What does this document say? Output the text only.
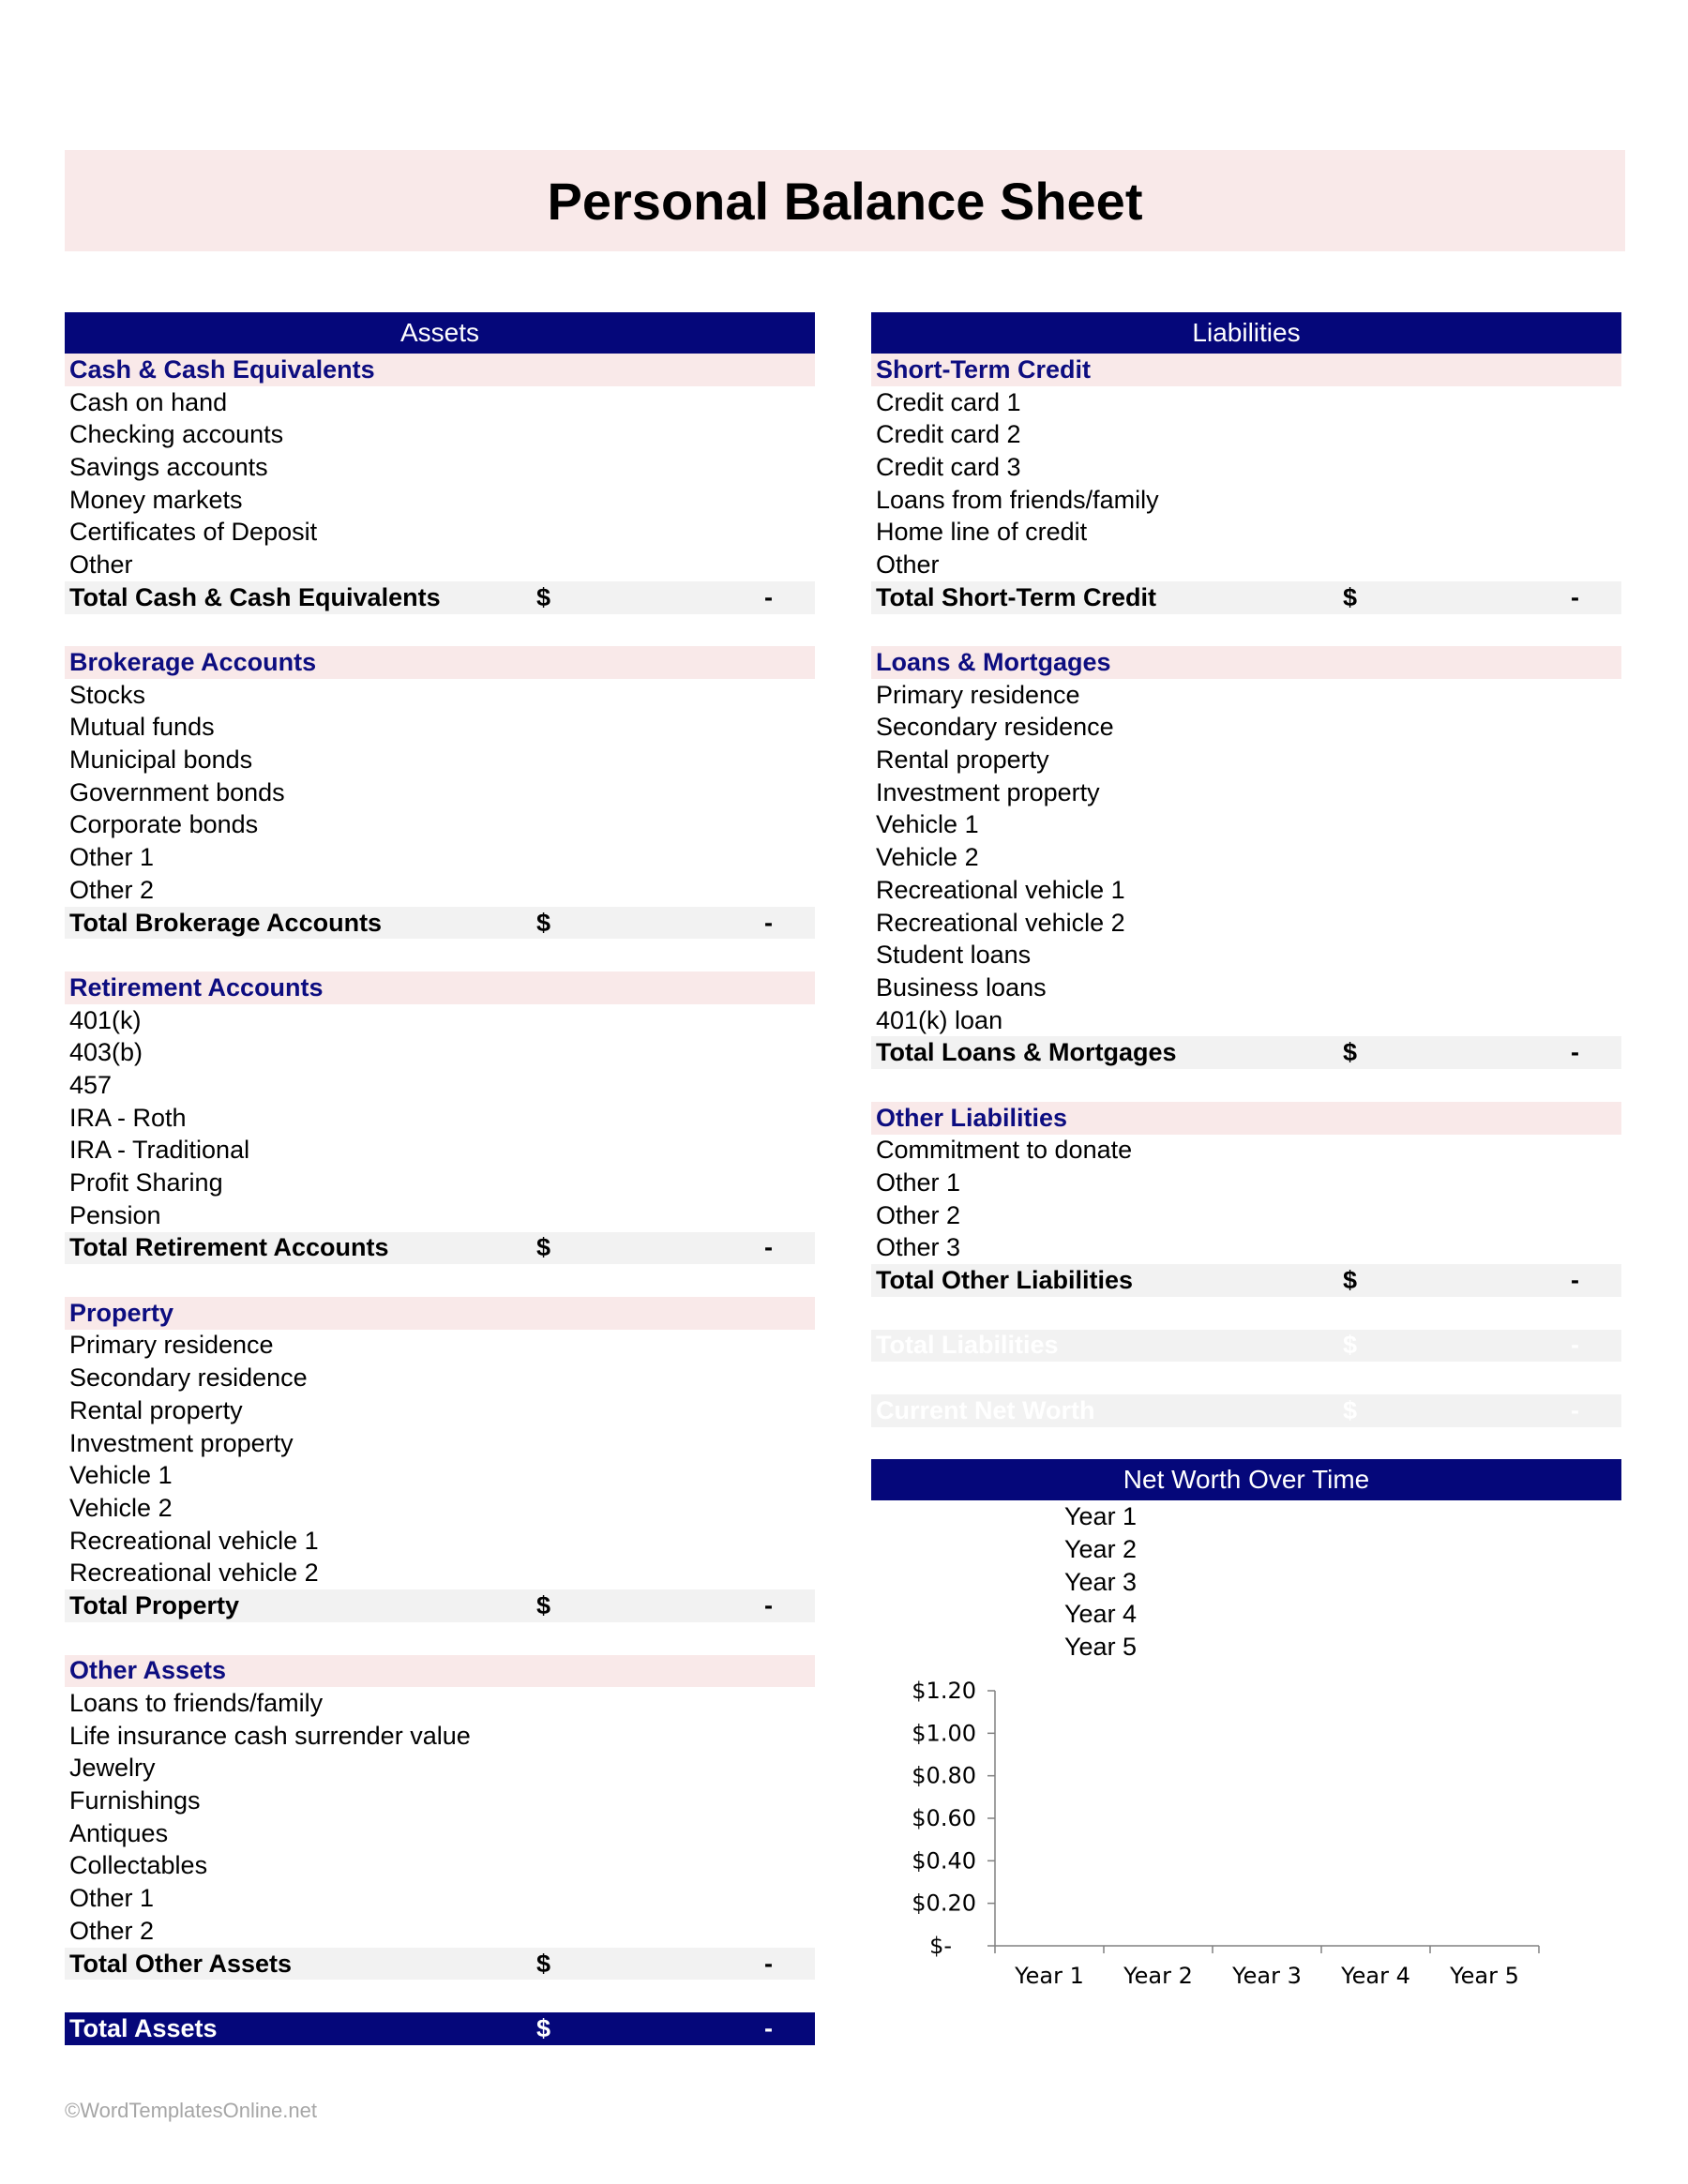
Personal Balance Sheet
Assets
Cash & Cash Equivalents
Cash on hand
Checking accounts
Savings accounts
Money markets
Certificates of Deposit
Other
Total Cash & Cash Equivalents	$	-
Brokerage Accounts
Stocks
Mutual funds
Municipal bonds
Government bonds
Corporate bonds
Other 1
Other 2
Total Brokerage Accounts	$	-
Retirement Accounts
401(k)
403(b)
457
IRA - Roth
IRA - Traditional
Profit Sharing
Pension
Total Retirement Accounts	$	-
Property
Primary residence
Secondary residence
Rental property
Investment property
Vehicle 1
Vehicle 2
Recreational vehicle 1
Recreational vehicle 2
Total Property	$	-
Other Assets
Loans to friends/family
Life insurance cash surrender value
Jewelry
Furnishings
Antiques
Collectables
Other 1
Other 2
Total Other Assets	$	-
Total Assets	$	-
Liabilities
Short-Term Credit
Credit card 1
Credit card 2
Credit card 3
Loans from friends/family
Home line of credit
Other
Total Short-Term Credit	$	-
Loans & Mortgages
Primary residence
Secondary residence
Rental property
Investment property
Vehicle 1
Vehicle 2
Recreational vehicle 1
Recreational vehicle 2
Student loans
Business loans
401(k) loan
Total Loans & Mortgages	$	-
Other Liabilities
Commitment to donate
Other 1
Other 2
Other 3
Total Other Liabilities	$	-
Total Liabilities	$	-
Current Net Worth	$	-
Net Worth Over Time
Year 1
Year 2
Year 3
Year 4
Year 5
$-
$0.20
$0.40
$0.60
$0.80
$1.00
$1.20
Year 1 Year 2 Year 3 Year 4 Year 5
©WordTemplatesOnline.net
